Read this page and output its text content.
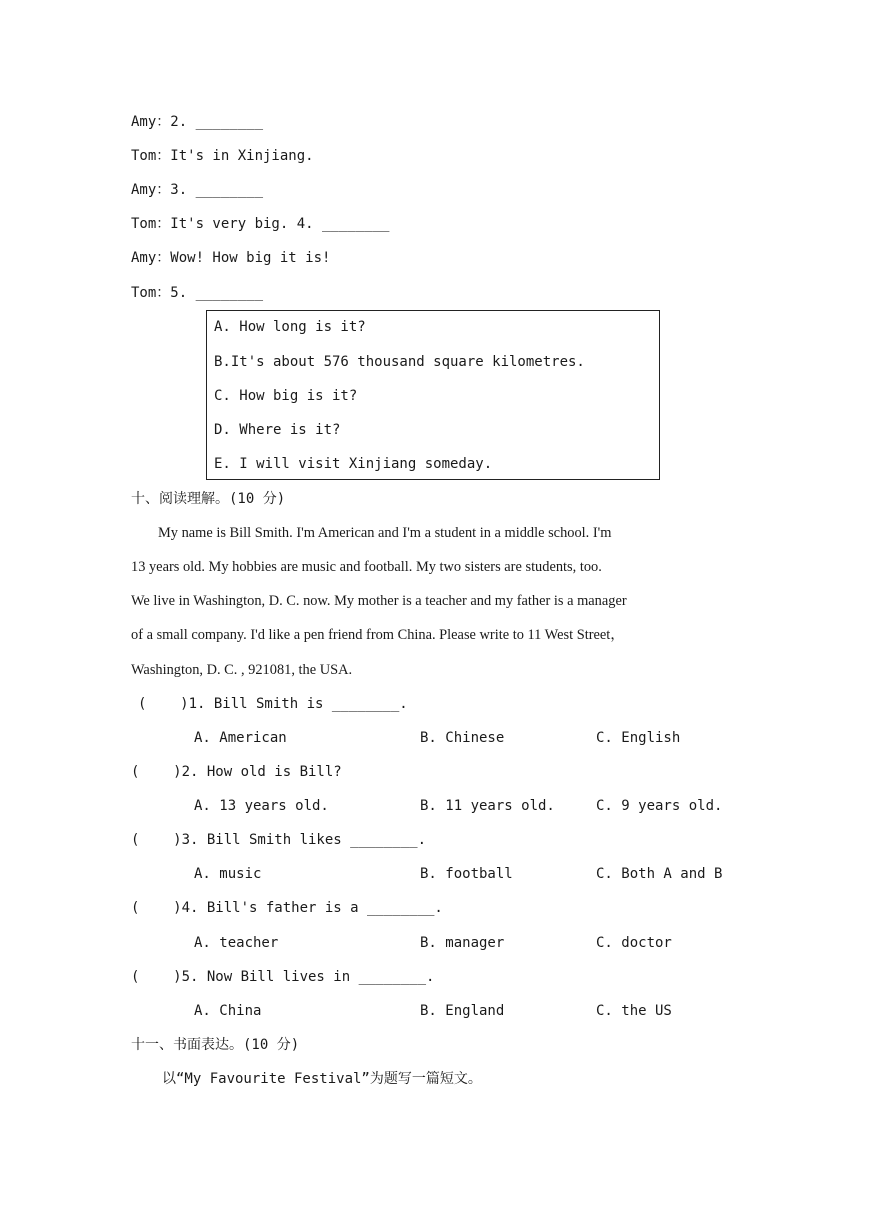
Amy：2. ________
Tom：It's in Xinjiang.
Amy：3. ________
Tom：It's very big. 4. ________
Amy：Wow! How big it is!
Tom：5. ________
A. How long is it?
B.It's about 576 thousand square kilometres.
C. How big is it?
D. Where is it?
E. I will visit Xinjiang someday.
十、阅读理解。(10 分)
My name is Bill Smith. I'm American and I'm a student in a middle school. I'm
13 years old. My hobbies are music and football. My two sisters are students, too.
We live in Washington, D. C. now. My mother is a teacher and my father is a manager
of a small company. I'd like a pen friend from China. Please write to 11 West Street，
Washington, D. C. , 921081, the USA.
(    )1. Bill Smith is ________.
A. American	B. Chinese	C. English
(    )2. How old is Bill?
A. 13 years old.	B. 11 years old.	C. 9 years old.
(    )3. Bill Smith likes ________.
A. music	B. football	C. Both A and B
(    )4. Bill's father is a ________.
A. teacher	B. manager	C. doctor
(    )5. Now Bill lives in ________.
A. China	B. England	C. the US
十一、书面表达。(10 分)
以“My Favourite Festival”为题写一篇短文。
